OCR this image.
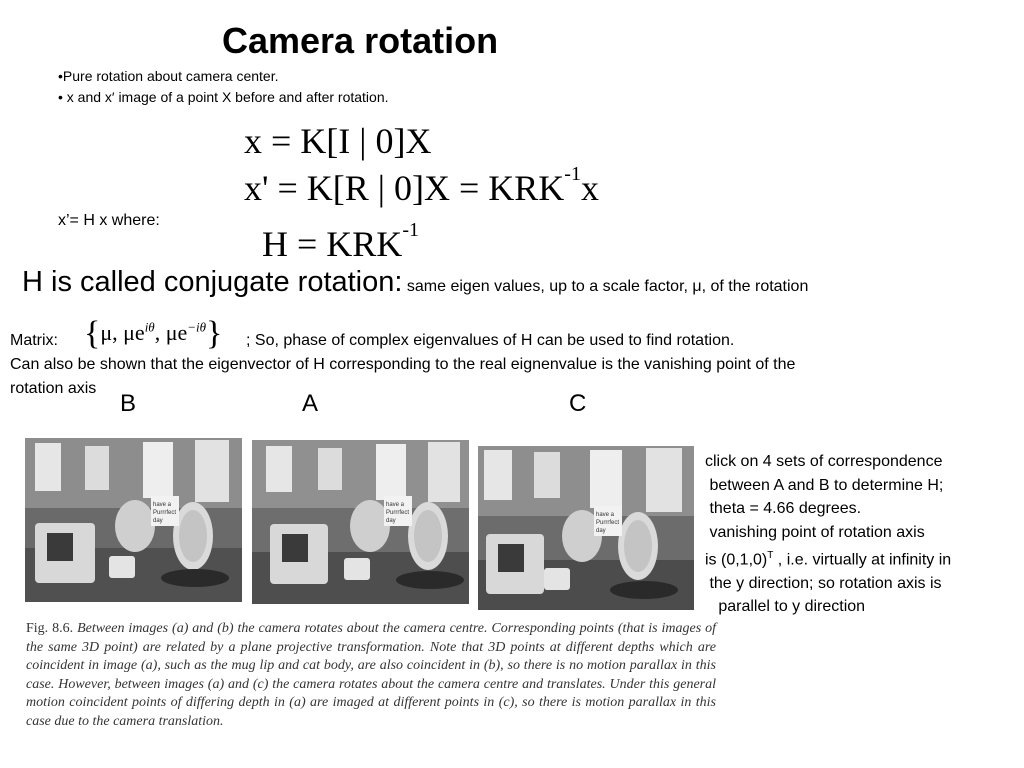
Camera rotation
•Pure rotation about camera center.
• x and x′ image of a point X before and after rotation.
x = K[I | 0]X
x' = K[R | $0]X = KRK^{-1}x$
x’= H x where:
$H = KRK^{-1}$
H is called conjugate rotation: same eigen values, up to a scale factor, μ, of the rotation
Matrix: {μ, $\mu e^{i\theta}$, $\mu e^{-i\theta}$} ; So, phase of complex eigenvalues of H can be used to find rotation.
Can also be shown that the eigenvector of H corresponding to the real eignenvalue is the vanishing point of the
rotation axis
B	A	C
have a
Purrrfect
day
have a
Purrrfect
day
have a
Purrrfect
day
click on 4 sets of correspondence
between A and B to determine H;
theta = 4.66 degrees.
vanishing point of rotation axis
is $(0,1,0)^T$ , i.e. virtually at infinity in
the y direction; so rotation axis is
parallel to y direction
Fig. 8.6. Between images (a) and (b) the camera rotates about the camera centre. Corresponding points (that is images of the same 3D point) are related by a plane projective transformation. Note that 3D points at different depths which are coincident in image (a), such as the mug lip and cat body, are also coincident in (b), so there is no motion parallax in this case. However, between images (a) and (c) the camera rotates about the camera centre and translates. Under this general motion coincident points of differing depth in (a) are imaged at different points in (c), so there is motion parallax in this case due to the camera translation.
